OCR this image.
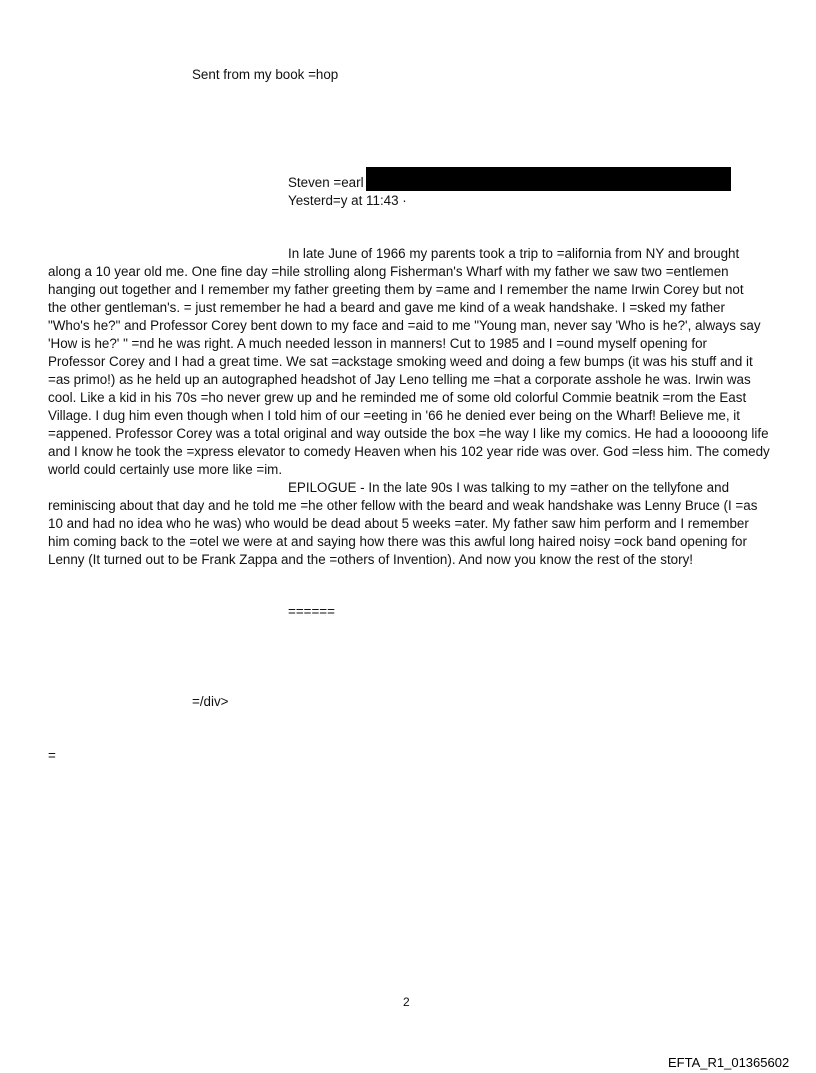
Sent from my book =hop
Steven =earl
Yesterd=y at 11:43 ·
In late June of 1966 my parents took a trip to =alifornia from NY and brought
along a 10 year old me. One fine day =hile strolling along Fisherman's Wharf with my father we saw two =entlemen
hanging out together and I remember my father greeting them by =ame and I remember the name Irwin Corey but not
the other gentleman's. = just remember he had a beard and gave me kind of a weak handshake. I =sked my father
"Who's he?" and Professor Corey bent down to my face and =aid to me "Young man, never say 'Who is he?', always say
'How is he?' " =nd he was right. A much needed lesson in manners! Cut to 1985 and I =ound myself opening for
Professor Corey and I had a great time. We sat =ackstage smoking weed and doing a few bumps (it was his stuff and it
=as primo!) as he held up an autographed headshot of Jay Leno telling me =hat a corporate asshole he was. Irwin was
cool. Like a kid in his 70s =ho never grew up and he reminded me of some old colorful Commie beatnik =rom the East
Village. I dug him even though when I told him of our =eeting in '66 he denied ever being on the Wharf! Believe me, it
=appened. Professor Corey was a total original and way outside the box =he way I like my comics. He had a looooong life
and I know he took the =xpress elevator to comedy Heaven when his 102 year ride was over. God =less him. The comedy
world could certainly use more like =im.
EPILOGUE - In the late 90s I was talking to my =ather on the tellyfone and
reminiscing about that day and he told me =he other fellow with the beard and weak handshake was Lenny Bruce (I =as
10 and had no idea who he was) who would be dead about 5 weeks =ater. My father saw him perform and I remember
him coming back to the =otel we were at and saying how there was this awful long haired noisy =ock band opening for
Lenny (It turned out to be Frank Zappa and the =others of Invention). And now you know the rest of the story!
======
=/div>
=
2
EFTA_R1_01365602
